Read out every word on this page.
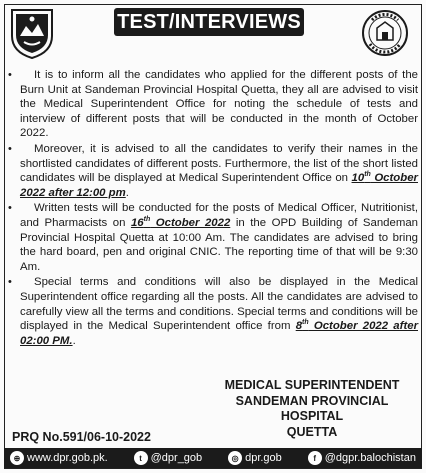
TEST/INTERVIEWS

• It is to inform all the candidates who applied for the different posts of the Burn Unit at Sandeman Provincial Hospital Quetta, they all are advised to visit the Medical Superintendent Office for noting the schedule of tests and interview of different posts that will be conducted in the month of October 2022.

• Moreover, it is advised to all the candidates to verify their names in the shortlisted candidates of different posts. Furthermore, the list of the short listed candidates will be displayed at Medical Superintendent Office on 10th October 2022 after 12:00 pm.

• Written tests will be conducted for the posts of Medical Officer, Nutritionist, and Pharmacists on 16th October 2022 in the OPD Building of Sandeman Provincial Hospital Quetta at 10:00 Am. The candidates are advised to bring the hard board, pen and original CNIC. The reporting time of that will be 9:30 Am.

• Special terms and conditions will also be displayed in the Medical Superintendent office regarding all the posts. All the candidates are advised to carefully view all the terms and conditions. Special terms and conditions will be displayed in the Medical Superintendent office from 8th October 2022 after 02:00 PM..

MEDICAL SUPERINTENDENT
SANDEMAN PROVINCIAL HOSPITAL
QUETTA
PRQ No.591/06-10-2022
⊕ www.dpr.gob.pk.	t @dpr_gob	◎ dpr.gob	f @dgpr.balochistan
